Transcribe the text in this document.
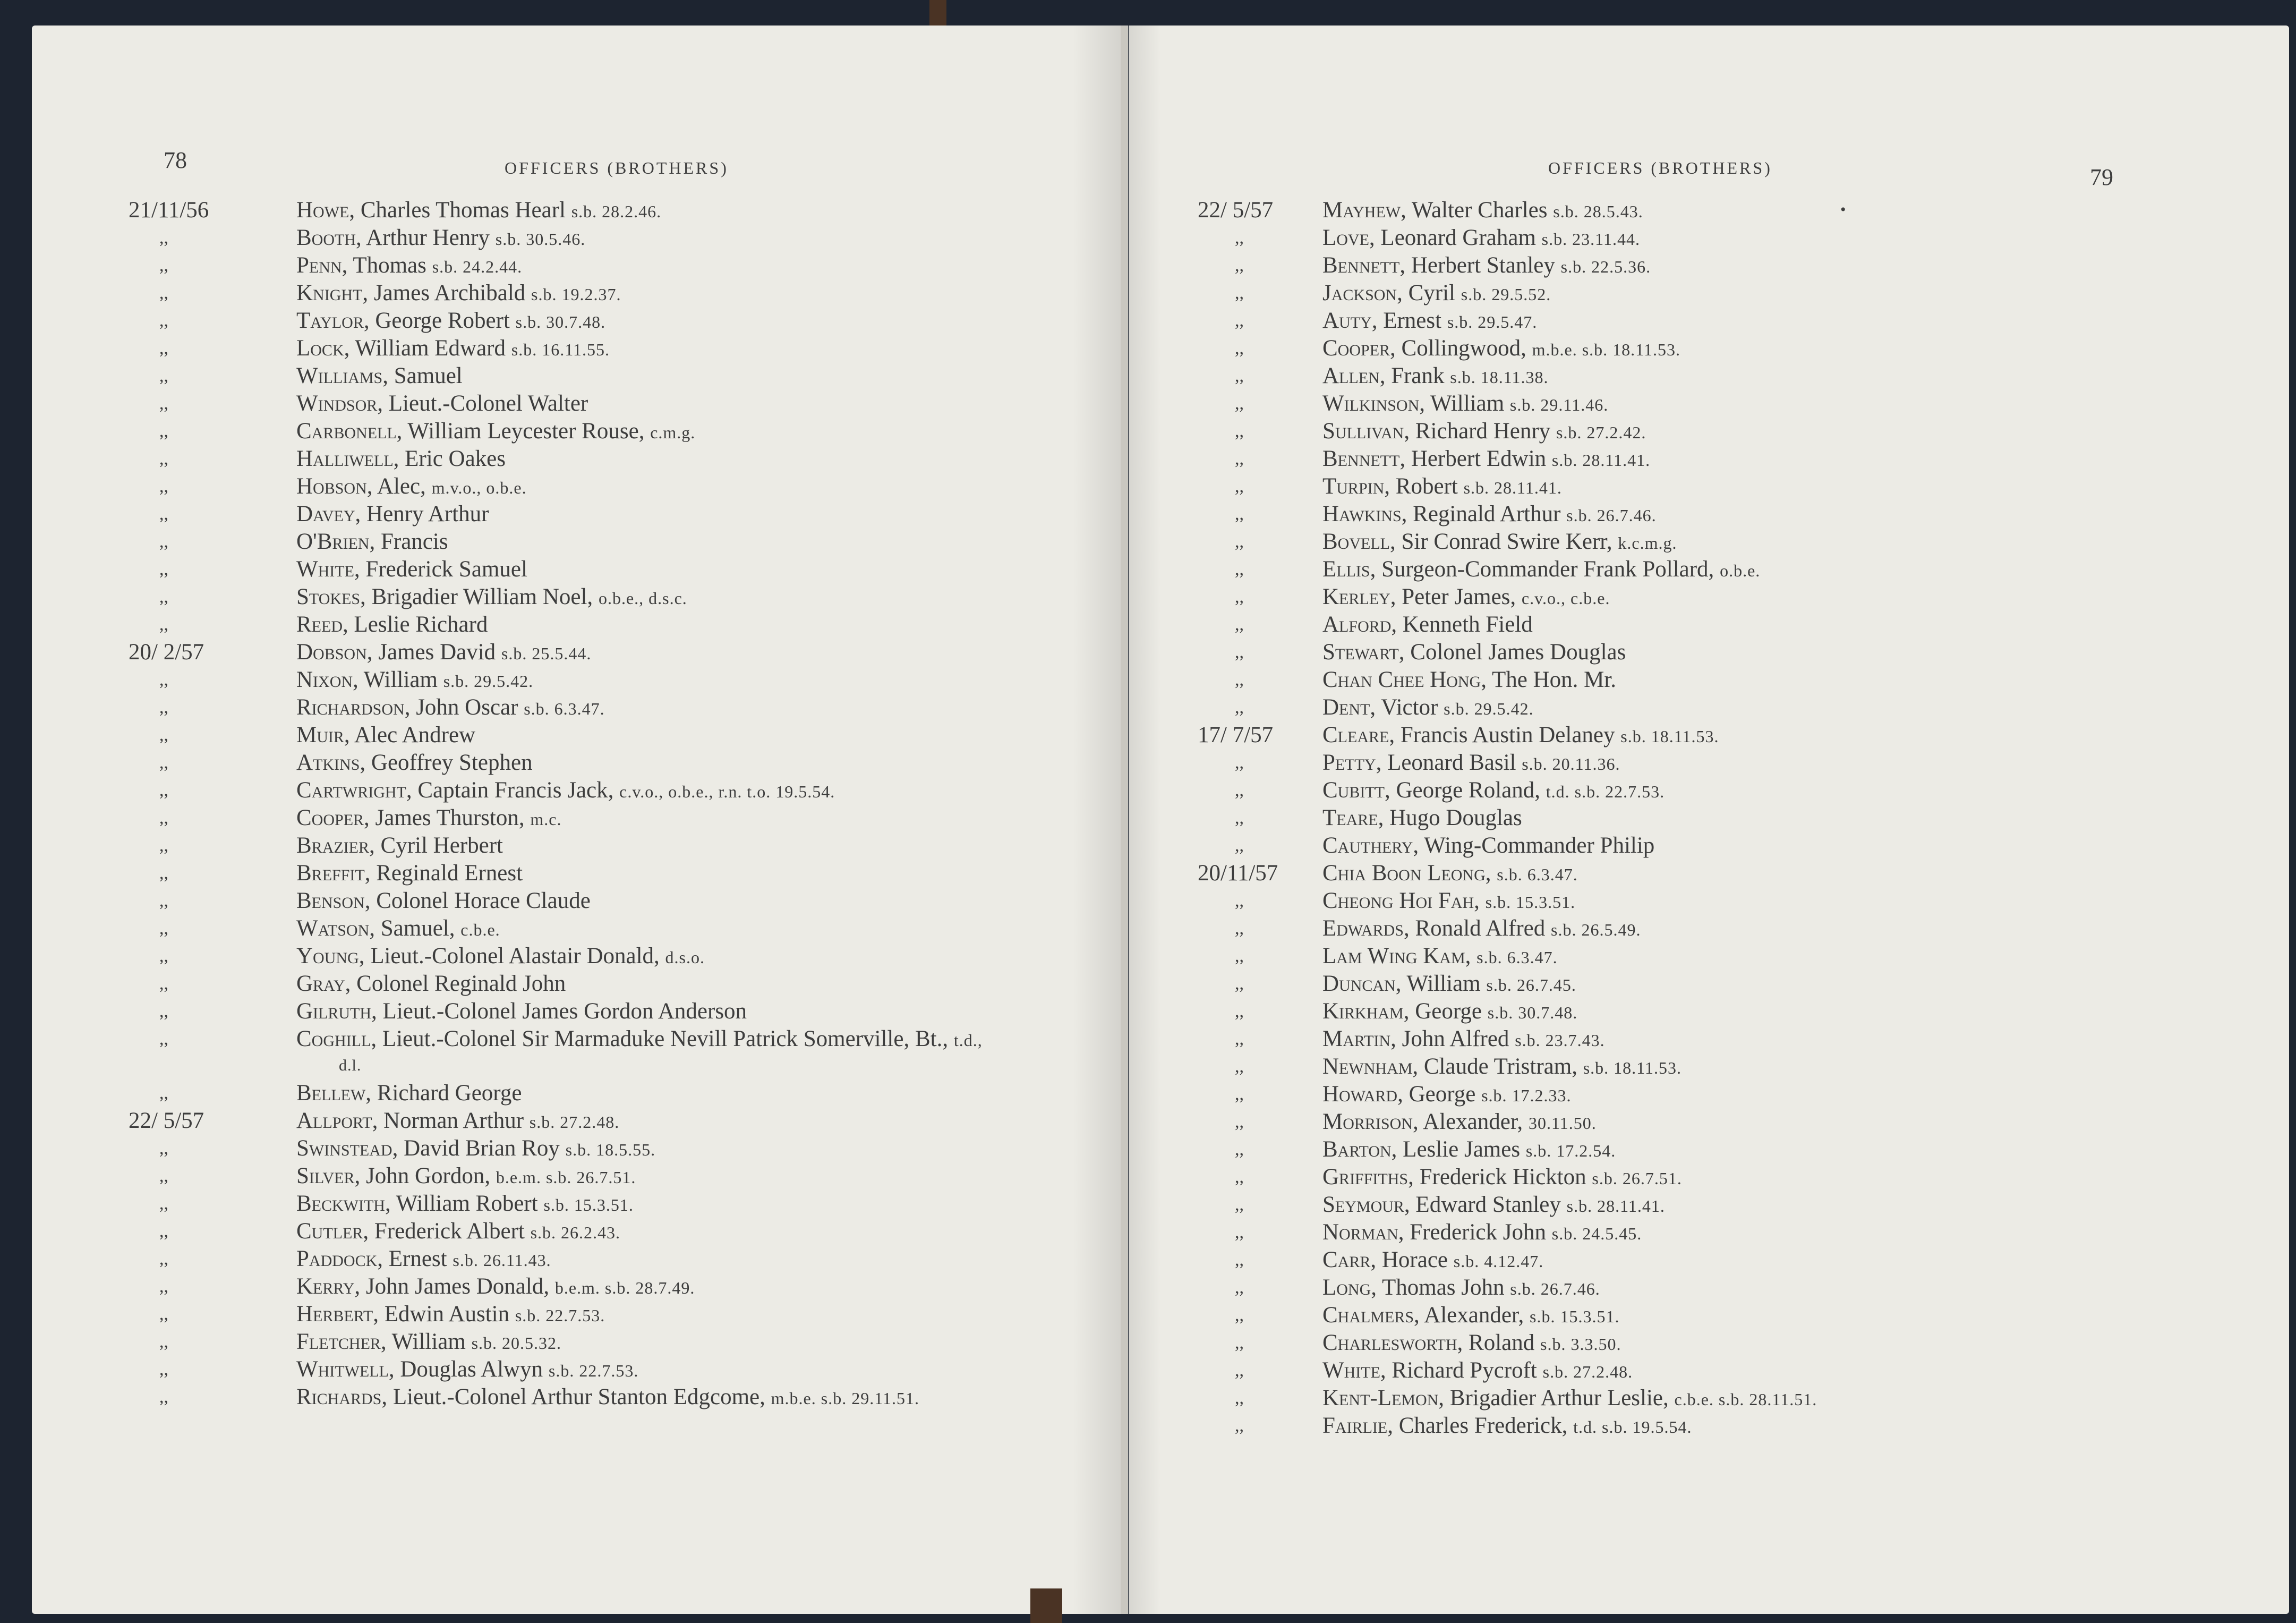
78	OFFICERS (BROTHERS)
21/11/56	Howe, Charles Thomas Hearl s.b. 28.2.46.
,,	Booth, Arthur Henry s.b. 30.5.46.
,,	Penn, Thomas s.b. 24.2.44.
,,	Knight, James Archibald s.b. 19.2.37.
,,	Taylor, George Robert s.b. 30.7.48.
,,	Lock, William Edward s.b. 16.11.55.
,,	Williams, Samuel
,,	Windsor, Lieut.-Colonel Walter
,,	Carbonell, William Leycester Rouse, c.m.g.
,,	Halliwell, Eric Oakes
,,	Hobson, Alec, m.v.o., o.b.e.
,,	Davey, Henry Arthur
,,	O'Brien, Francis
,,	White, Frederick Samuel
,,	Stokes, Brigadier William Noel, o.b.e., d.s.c.
,,	Reed, Leslie Richard
20/ 2/57	Dobson, James David s.b. 25.5.44.
,,	Nixon, William s.b. 29.5.42.
,,	Richardson, John Oscar s.b. 6.3.47.
,,	Muir, Alec Andrew
,,	Atkins, Geoffrey Stephen
,,	Cartwright, Captain Francis Jack, c.v.o., o.b.e., r.n. t.o. 19.5.54.
,,	Cooper, James Thurston, m.c.
,,	Brazier, Cyril Herbert
,,	Breffit, Reginald Ernest
,,	Benson, Colonel Horace Claude
,,	Watson, Samuel, c.b.e.
,,	Young, Lieut.-Colonel Alastair Donald, d.s.o.
,,	Gray, Colonel Reginald John
,,	Gilruth, Lieut.-Colonel James Gordon Anderson
,,	Coghill, Lieut.-Colonel Sir Marmaduke Nevill Patrick Somerville, Bt., t.d.,
d.l.
,,	Bellew, Richard George
22/ 5/57	Allport, Norman Arthur s.b. 27.2.48.
,,	Swinstead, David Brian Roy s.b. 18.5.55.
,,	Silver, John Gordon, b.e.m. s.b. 26.7.51.
,,	Beckwith, William Robert s.b. 15.3.51.
,,	Cutler, Frederick Albert s.b. 26.2.43.
,,	Paddock, Ernest s.b. 26.11.43.
,,	Kerry, John James Donald, b.e.m. s.b. 28.7.49.
,,	Herbert, Edwin Austin s.b. 22.7.53.
,,	Fletcher, William s.b. 20.5.32.
,,	Whitwell, Douglas Alwyn s.b. 22.7.53.
,,	Richards, Lieut.-Colonel Arthur Stanton Edgcome, m.b.e. s.b. 29.11.51.
OFFICERS (BROTHERS)	79
•
22/ 5/57 Mayhew, Walter Charles s.b. 28.5.43.
,,	Love, Leonard Graham s.b. 23.11.44.
,,	Bennett, Herbert Stanley s.b. 22.5.36.
,,	Jackson, Cyril s.b. 29.5.52.
,,	Auty, Ernest s.b. 29.5.47.
,,	Cooper, Collingwood, m.b.e. s.b. 18.11.53.
,,	Allen, Frank s.b. 18.11.38.
,,	Wilkinson, William s.b. 29.11.46.
,,	Sullivan, Richard Henry s.b. 27.2.42.
,,	Bennett, Herbert Edwin s.b. 28.11.41.
,,	Turpin, Robert s.b. 28.11.41.
,,	Hawkins, Reginald Arthur s.b. 26.7.46.
,,	Bovell, Sir Conrad Swire Kerr, k.c.m.g.
,,	Ellis, Surgeon-Commander Frank Pollard, o.b.e.
,,	Kerley, Peter James, c.v.o., c.b.e.
,,	Alford, Kenneth Field
,,	Stewart, Colonel James Douglas
,,	Chan Chee Hong, The Hon. Mr.
,,	Dent, Victor s.b. 29.5.42.
17/ 7/57 Cleare, Francis Austin Delaney s.b. 18.11.53.
,,	Petty, Leonard Basil s.b. 20.11.36.
,,	Cubitt, George Roland, t.d. s.b. 22.7.53.
,,	Teare, Hugo Douglas
,,	Cauthery, Wing-Commander Philip
20/11/57 Chia Boon Leong, s.b. 6.3.47.
,,	Cheong Hoi Fah, s.b. 15.3.51.
,,	Edwards, Ronald Alfred s.b. 26.5.49.
,,	Lam Wing Kam, s.b. 6.3.47.
,,	Duncan, William s.b. 26.7.45.
,,	Kirkham, George s.b. 30.7.48.
,,	Martin, John Alfred s.b. 23.7.43.
,,	Newnham, Claude Tristram, s.b. 18.11.53.
,,	Howard, George s.b. 17.2.33.
,,	Morrison, Alexander, 30.11.50.
,,	Barton, Leslie James s.b. 17.2.54.
,,	Griffiths, Frederick Hickton s.b. 26.7.51.
,,	Seymour, Edward Stanley s.b. 28.11.41.
,,	Norman, Frederick John s.b. 24.5.45.
,,	Carr, Horace s.b. 4.12.47.
,,	Long, Thomas John s.b. 26.7.46.
,,	Chalmers, Alexander, s.b. 15.3.51.
,,	Charlesworth, Roland s.b. 3.3.50.
,,	White, Richard Pycroft s.b. 27.2.48.
,,	Kent-Lemon, Brigadier Arthur Leslie, c.b.e. s.b. 28.11.51.
,,	Fairlie, Charles Frederick, t.d. s.b. 19.5.54.
